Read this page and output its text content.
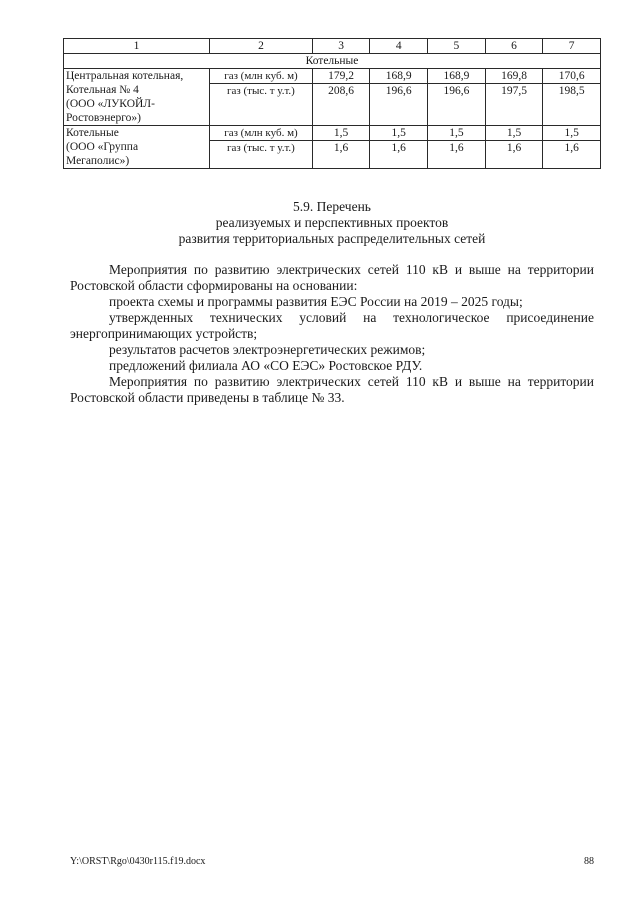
1	2	3	4	5	6	7
Котельные						

Центральная котельная,
Котельная № 4
(ООО «ЛУКОЙЛ-
Ростовэнерго»)	газ (млн куб. м)	179,2	168,9	168,9	169,8	170,6
	газ (тыс. т у.т.)	208,6	196,6	196,6	197,5	198,5

Котельные
(ООО «Группа
Мегаполис»)	газ (млн куб. м)	1,5	1,5	1,5	1,5	1,5
	газ (тыс. т у.т.)	1,6	1,6	1,6	1,6	1,6
5.9. Перечень
реализуемых и перспективных проектов
развития территориальных распределительных сетей
Мероприятия по развитию электрических сетей 110 кВ и выше на территории Ростовской области сформированы на основании:
проекта схемы и программы развития ЕЭС России на 2019 – 2025 годы;
утвержденных технических условий на технологическое присоединение энергопринимающих устройств;
результатов расчетов электроэнергетических режимов;
предложений филиала АО «СО ЕЭС» Ростовское РДУ.
Мероприятия по развитию электрических сетей 110 кВ и выше на территории Ростовской области приведены в таблице № 33.
Y:\ORST\Rgo\0430r115.f19.docx	88
